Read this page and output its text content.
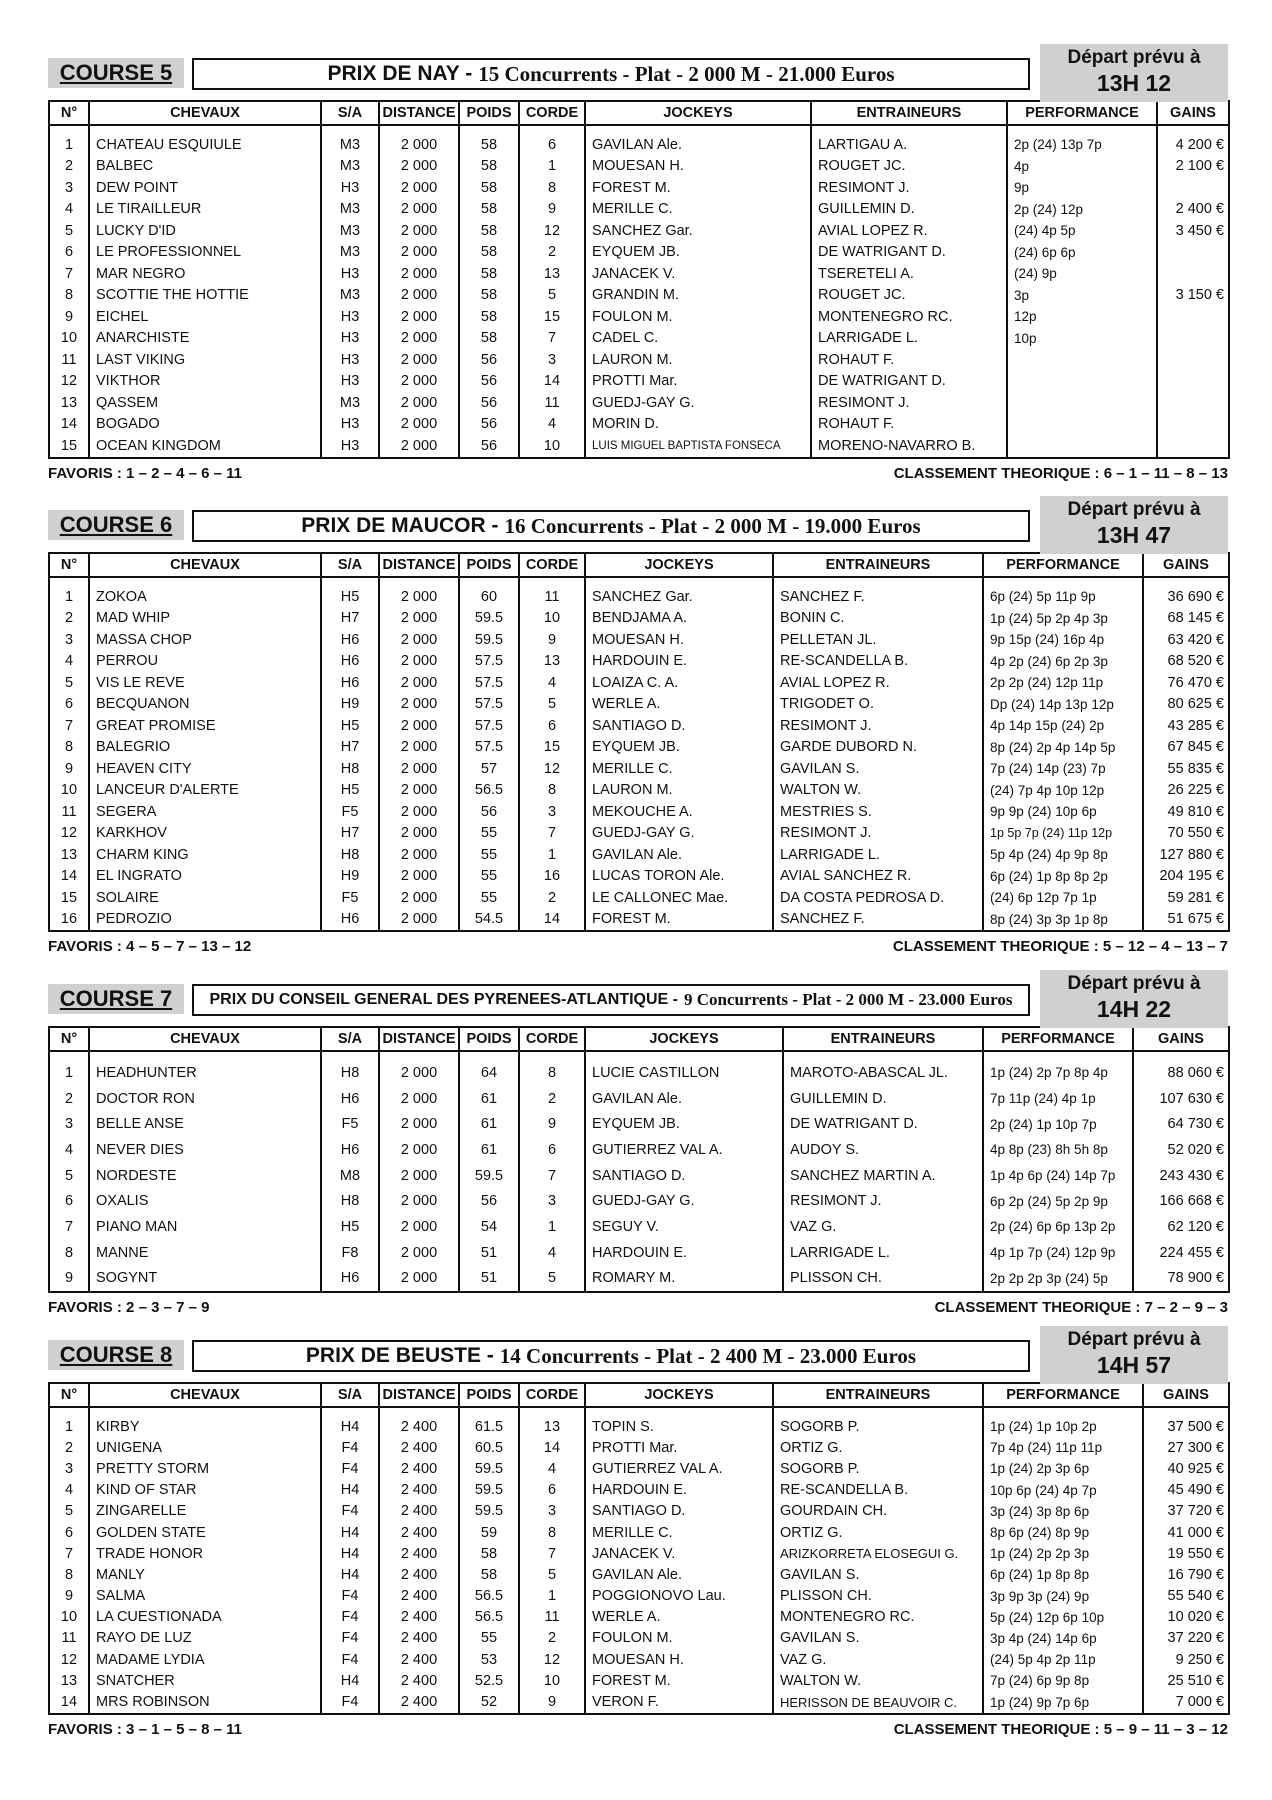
COURSE 5	PRIX DE NAY - 15 Concurrents - Plat - 2 000 M - 21.000 Euros
Départ prévu à
13H 12
N°	CHEVAUX	S/A	DISTANCE	POIDS	CORDE	JOCKEYS	ENTRAINEURS	PERFORMANCE	GAINS

1	CHATEAU ESQUIULE	M3	2 000	58	6	GAVILAN Ale.	LARTIGAU A.	2p (24) 13p 7p	4 200 €
2	BALBEC	M3	2 000	58	1	MOUESAN H.	ROUGET JC.	4p	2 100 €
3	DEW POINT	H3	2 000	58	8	FOREST M.	RESIMONT J.	9p	
4	LE TIRAILLEUR	M3	2 000	58	9	MERILLE C.	GUILLEMIN D.	2p (24) 12p	2 400 €
5	LUCKY D'ID	M3	2 000	58	12	SANCHEZ Gar.	AVIAL LOPEZ R.	(24) 4p 5p	3 450 €
6	LE PROFESSIONNEL	M3	2 000	58	2	EYQUEM JB.	DE WATRIGANT D.	(24) 6p 6p	
7	MAR NEGRO	H3	2 000	58	13	JANACEK V.	TSERETELI A.	(24) 9p	
8	SCOTTIE THE HOTTIE	M3	2 000	58	5	GRANDIN M.	ROUGET JC.	3p	3 150 €
9	EICHEL	H3	2 000	58	15	FOULON M.	MONTENEGRO RC.	12p	
10	ANARCHISTE	H3	2 000	58	7	CADEL C.	LARRIGADE L.	10p	
11	LAST VIKING	H3	2 000	56	3	LAURON M.	ROHAUT F.		
12	VIKTHOR	H3	2 000	56	14	PROTTI Mar.	DE WATRIGANT D.		
13	QASSEM	M3	2 000	56	11	GUEDJ-GAY G.	RESIMONT J.		
14	BOGADO	H3	2 000	56	4	MORIN D.	ROHAUT F.		
15	OCEAN KINGDOM	H3	2 000	56	10	LUIS MIGUEL BAPTISTA FONSECA	MORENO-NAVARRO B.		
FAVORIS : 1 – 2 – 4 – 6 – 11	CLASSEMENT THEORIQUE : 6 – 1 – 11 – 8 – 13
COURSE 6	PRIX DE MAUCOR - 16 Concurrents - Plat - 2 000 M - 19.000 Euros
Départ prévu à
13H 47
N°	CHEVAUX	S/A	DISTANCE	POIDS	CORDE	JOCKEYS	ENTRAINEURS	PERFORMANCE	GAINS

1	ZOKOA	H5	2 000	60	11	SANCHEZ Gar.	SANCHEZ F.	6p (24) 5p 11p 9p	36 690 €
2	MAD WHIP	H7	2 000	59.5	10	BENDJAMA A.	BONIN C.	1p (24) 5p 2p 4p 3p	68 145 €
3	MASSA CHOP	H6	2 000	59.5	9	MOUESAN H.	PELLETAN JL.	9p 15p (24) 16p 4p	63 420 €
4	PERROU	H6	2 000	57.5	13	HARDOUIN E.	RE-SCANDELLA B.	4p 2p (24) 6p 2p 3p	68 520 €
5	VIS LE REVE	H6	2 000	57.5	4	LOAIZA C. A.	AVIAL LOPEZ R.	2p 2p (24) 12p 11p	76 470 €
6	BECQUANON	H9	2 000	57.5	5	WERLE A.	TRIGODET O.	Dp (24) 14p 13p 12p	80 625 €
7	GREAT PROMISE	H5	2 000	57.5	6	SANTIAGO D.	RESIMONT J.	4p 14p 15p (24) 2p	43 285 €
8	BALEGRIO	H7	2 000	57.5	15	EYQUEM JB.	GARDE DUBORD N.	8p (24) 2p 4p 14p 5p	67 845 €
9	HEAVEN CITY	H8	2 000	57	12	MERILLE C.	GAVILAN S.	7p (24) 14p (23) 7p	55 835 €
10	LANCEUR D'ALERTE	H5	2 000	56.5	8	LAURON M.	WALTON W.	(24) 7p 4p 10p 12p	26 225 €
11	SEGERA	F5	2 000	56	3	MEKOUCHE A.	MESTRIES S.	9p 9p (24) 10p 6p	49 810 €
12	KARKHOV	H7	2 000	55	7	GUEDJ-GAY G.	RESIMONT J.	1p 5p 7p (24) 11p 12p	70 550 €
13	CHARM KING	H8	2 000	55	1	GAVILAN Ale.	LARRIGADE L.	5p 4p (24) 4p 9p 8p	127 880 €
14	EL INGRATO	H9	2 000	55	16	LUCAS TORON Ale.	AVIAL SANCHEZ R.	6p (24) 1p 8p 8p 2p	204 195 €
15	SOLAIRE	F5	2 000	55	2	LE CALLONEC Mae.	DA COSTA PEDROSA D.	(24) 6p 12p 7p 1p	59 281 €
16	PEDROZIO	H6	2 000	54.5	14	FOREST M.	SANCHEZ F.	8p (24) 3p 3p 1p 8p	51 675 €
FAVORIS : 4 – 5 – 7 – 13 – 12	CLASSEMENT THEORIQUE : 5 – 12 – 4 – 13 – 7
COURSE 7	PRIX DU CONSEIL GENERAL DES PYRENEES-ATLANTIQUE - 9 Concurrents - Plat - 2 000 M - 23.000 Euros
Départ prévu à
14H 22
N°	CHEVAUX	S/A	DISTANCE	POIDS	CORDE	JOCKEYS	ENTRAINEURS	PERFORMANCE	GAINS

1	HEADHUNTER	H8	2 000	64	8	LUCIE CASTILLON	MAROTO-ABASCAL JL.	1p (24) 2p 7p 8p 4p	88 060 €
2	DOCTOR RON	H6	2 000	61	2	GAVILAN Ale.	GUILLEMIN D.	7p 11p (24) 4p 1p	107 630 €
3	BELLE ANSE	F5	2 000	61	9	EYQUEM JB.	DE WATRIGANT D.	2p (24) 1p 10p 7p	64 730 €
4	NEVER DIES	H6	2 000	61	6	GUTIERREZ VAL A.	AUDOY S.	4p 8p (23) 8h 5h 8p	52 020 €
5	NORDESTE	M8	2 000	59.5	7	SANTIAGO D.	SANCHEZ MARTIN A.	1p 4p 6p (24) 14p 7p	243 430 €
6	OXALIS	H8	2 000	56	3	GUEDJ-GAY G.	RESIMONT J.	6p 2p (24) 5p 2p 9p	166 668 €
7	PIANO MAN	H5	2 000	54	1	SEGUY V.	VAZ G.	2p (24) 6p 6p 13p 2p	62 120 €
8	MANNE	F8	2 000	51	4	HARDOUIN E.	LARRIGADE L.	4p 1p 7p (24) 12p 9p	224 455 €
9	SOGYNT	H6	2 000	51	5	ROMARY M.	PLISSON CH.	2p 2p 2p 3p (24) 5p	78 900 €
FAVORIS : 2 – 3 – 7 – 9	CLASSEMENT THEORIQUE : 7 – 2 – 9 – 3
COURSE 8	PRIX DE BEUSTE - 14 Concurrents - Plat - 2 400 M - 23.000 Euros
Départ prévu à
14H 57
N°	CHEVAUX	S/A	DISTANCE	POIDS	CORDE	JOCKEYS	ENTRAINEURS	PERFORMANCE	GAINS

1	KIRBY	H4	2 400	61.5	13	TOPIN S.	SOGORB P.	1p (24) 1p 10p 2p	37 500 €
2	UNIGENA	F4	2 400	60.5	14	PROTTI Mar.	ORTIZ G.	7p 4p (24) 11p 11p	27 300 €
3	PRETTY STORM	F4	2 400	59.5	4	GUTIERREZ VAL A.	SOGORB P.	1p (24) 2p 3p 6p	40 925 €
4	KIND OF STAR	H4	2 400	59.5	6	HARDOUIN E.	RE-SCANDELLA B.	10p 6p (24) 4p 7p	45 490 €
5	ZINGARELLE	F4	2 400	59.5	3	SANTIAGO D.	GOURDAIN CH.	3p (24) 3p 8p 6p	37 720 €
6	GOLDEN STATE	H4	2 400	59	8	MERILLE C.	ORTIZ G.	8p 6p (24) 8p 9p	41 000 €
7	TRADE HONOR	H4	2 400	58	7	JANACEK V.	ARIZKORRETA ELOSEGUI G.	1p (24) 2p 2p 3p	19 550 €
8	MANLY	H4	2 400	58	5	GAVILAN Ale.	GAVILAN S.	6p (24) 1p 8p 8p	16 790 €
9	SALMA	F4	2 400	56.5	1	POGGIONOVO Lau.	PLISSON CH.	3p 9p 3p (24) 9p	55 540 €
10	LA CUESTIONADA	F4	2 400	56.5	11	WERLE A.	MONTENEGRO RC.	5p (24) 12p 6p 10p	10 020 €
11	RAYO DE LUZ	F4	2 400	55	2	FOULON M.	GAVILAN S.	3p 4p (24) 14p 6p	37 220 €
12	MADAME LYDIA	F4	2 400	53	12	MOUESAN H.	VAZ G.	(24) 5p 4p 2p 11p	9 250 €
13	SNATCHER	H4	2 400	52.5	10	FOREST M.	WALTON W.	7p (24) 6p 9p 8p	25 510 €
14	MRS ROBINSON	F4	2 400	52	9	VERON F.	HERISSON DE BEAUVOIR C.	1p (24) 9p 7p 6p	7 000 €
FAVORIS : 3 – 1 – 5 – 8 – 11	CLASSEMENT THEORIQUE : 5 – 9 – 11 – 3 – 12
